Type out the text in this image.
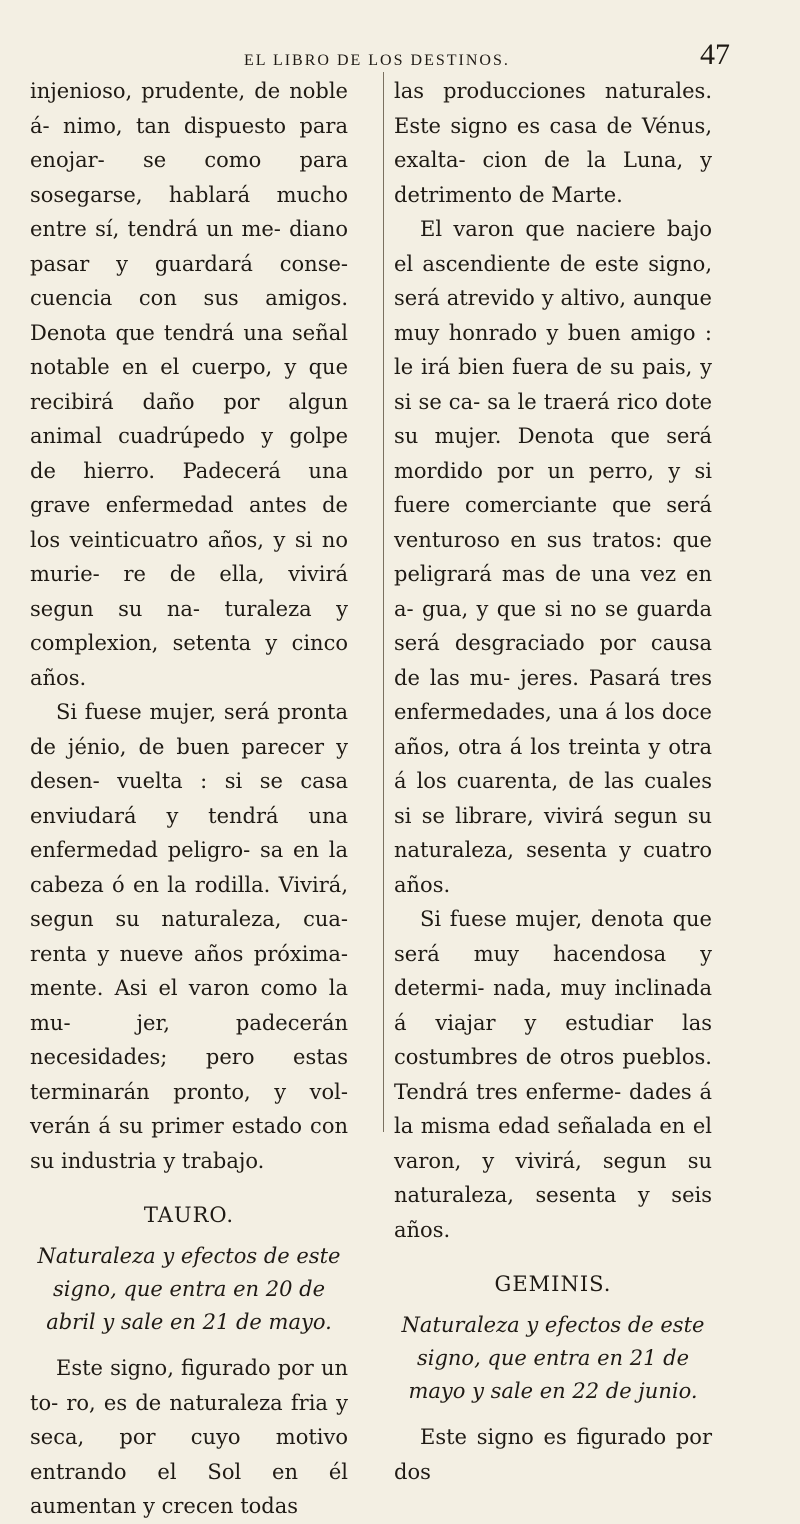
EL LIBRO DE LOS DESTINOS.	47

injenioso, prudente, de noble á- nimo, tan dispuesto para enojar- se como para sosegarse, hablará mucho entre sí, tendrá un me- diano pasar y guardará conse- cuencia con sus amigos. Denota que tendrá una señal notable en el cuerpo, y que recibirá daño por algun animal cuadrúpedo y golpe de hierro. Padecerá una grave enfermedad antes de los veinticuatro años, y si no murie- re de ella, vivirá segun su na- turaleza y complexion, setenta y cinco años.

Si fuese mujer, será pronta de jénio, de buen parecer y desen- vuelta : si se casa enviudará y tendrá una enfermedad peligro- sa en la cabeza ó en la rodilla. Vivirá, segun su naturaleza, cua- renta y nueve años próxima- mente. Asi el varon como la mu- jer, padecerán necesidades; pero estas terminarán pronto, y vol- verán á su primer estado con su industria y trabajo.

TAURO.
Naturaleza y efectos de este signo, que entra en 20 de abril y sale en 21 de mayo.

Este signo, figurado por un to- ro, es de naturaleza fria y seca, por cuyo motivo entrando el Sol en él aumentan y crecen todas

las producciones naturales. Este signo es casa de Vénus, exalta- cion de la Luna, y detrimento de Marte.

El varon que naciere bajo el ascendiente de este signo, será atrevido y altivo, aunque muy honrado y buen amigo : le irá bien fuera de su pais, y si se ca- sa le traerá rico dote su mujer. Denota que será mordido por un perro, y si fuere comerciante que será venturoso en sus tratos: que peligrará mas de una vez en a- gua, y que si no se guarda será desgraciado por causa de las mu- jeres. Pasará tres enfermedades, una á los doce años, otra á los treinta y otra á los cuarenta, de las cuales si se librare, vivirá segun su naturaleza, sesenta y cuatro años.

Si fuese mujer, denota que será muy hacendosa y determi- nada, muy inclinada á viajar y estudiar las costumbres de otros pueblos. Tendrá tres enferme- dades á la misma edad señalada en el varon, y vivirá, segun su naturaleza, sesenta y seis años.

GEMINIS.
Naturaleza y efectos de este signo, que entra en 21 de mayo y sale en 22 de junio.

Este signo es figurado por dos
